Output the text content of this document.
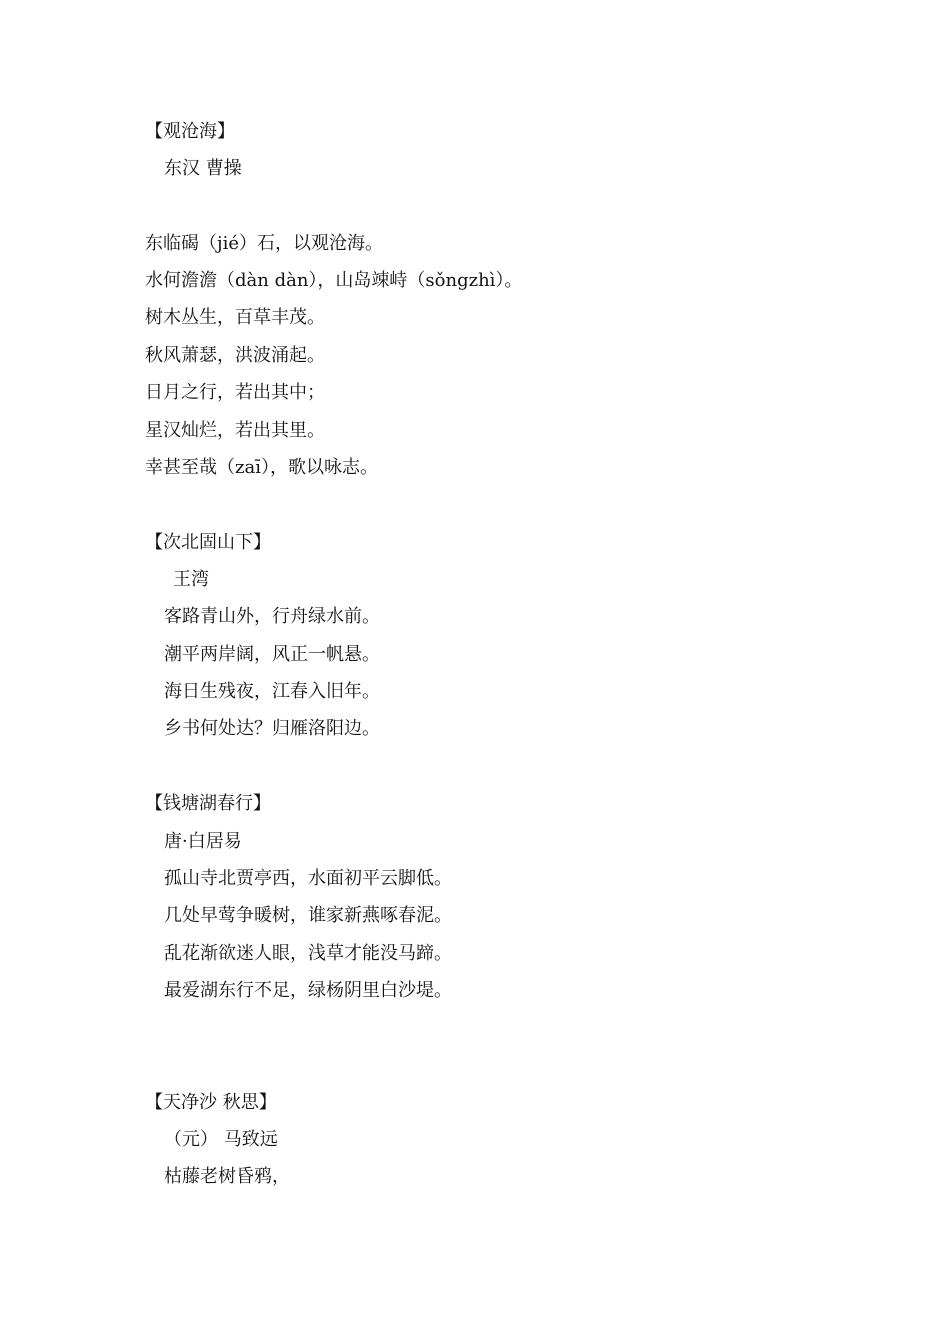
【观沧海】
东汉 曹操
东临碣（jié）石，以观沧海。
水何澹澹（dàn dàn），山岛竦峙（sǒngzhì）。
树木丛生，百草丰茂。
秋风萧瑟，洪波涌起。
日月之行，若出其中；
星汉灿烂，若出其里。
幸甚至哉（zaī），歌以咏志。
【次北固山下】
王湾
客路青山外，行舟绿水前。
潮平两岸阔，风正一帆悬。
海日生残夜，江春入旧年。
乡书何处达？归雁洛阳边。
【钱塘湖春行】
唐·白居易
孤山寺北贾亭西，水面初平云脚低。
几处早莺争暖树，谁家新燕啄春泥。
乱花渐欲迷人眼，浅草才能没马蹄。
最爱湖东行不足，绿杨阴里白沙堤。
【天净沙 秋思】
（元） 马致远
枯藤老树昏鸦，
